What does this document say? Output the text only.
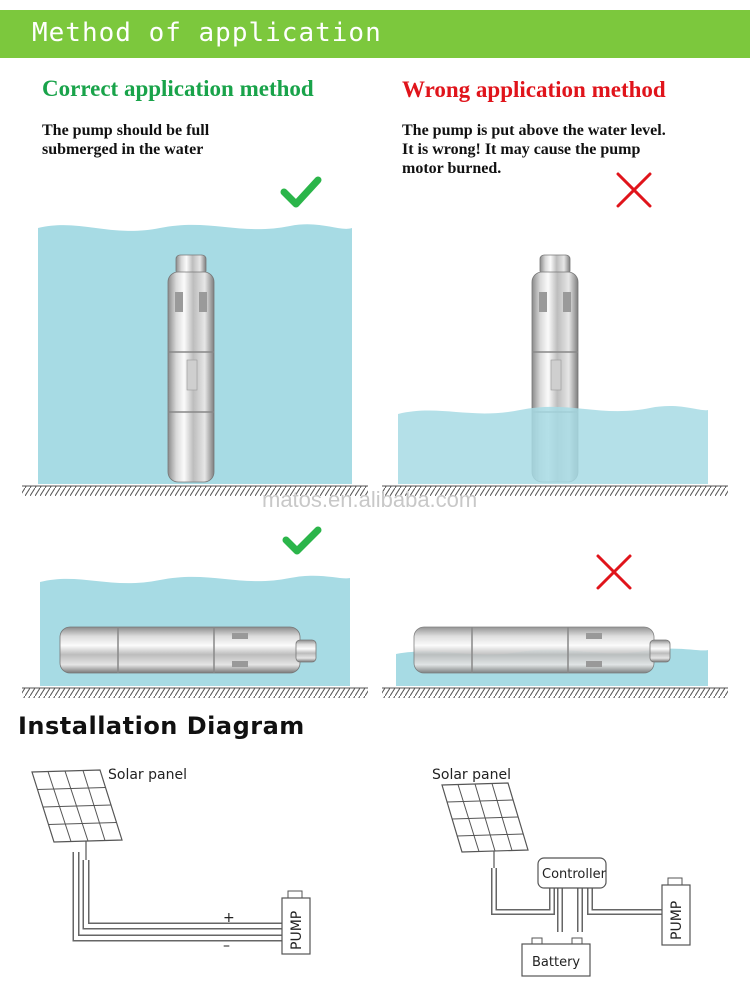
Method of application
Correct application method	Wrong application method
The pump should be full
submerged in the water
The pump is put above the water level.
It is wrong! It may cause the pump
motor burned.
Installation Diagram
matos.en.alibaba.com
Solar panel
+
–	PUMP
Solar panel
Controller
Battery
PUMP
